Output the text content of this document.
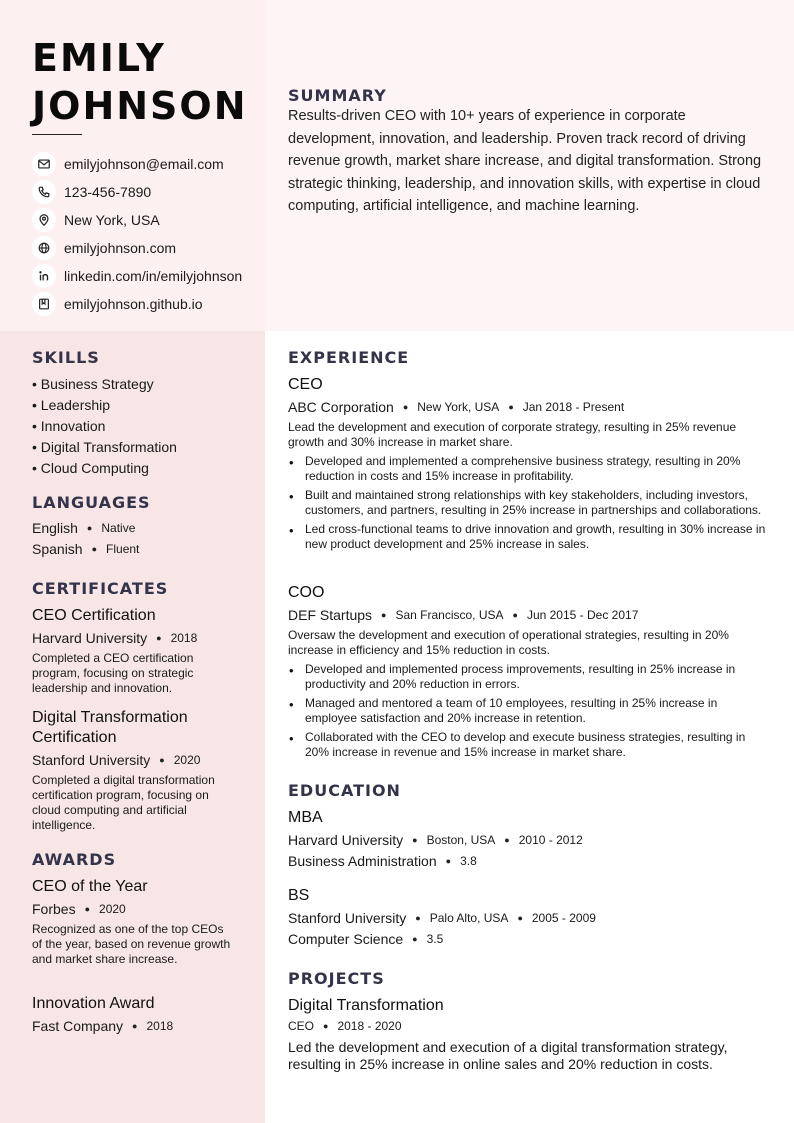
EMILY
JOHNSON
emilyjohnson@email.com
123-456-7890
New York, USA
emilyjohnson.com
linkedin.com/in/emilyjohnson
emilyjohnson.github.io
SUMMARY
Results-driven CEO with 10+ years of experience in corporate development, innovation, and leadership. Proven track record of driving revenue growth, market share increase, and digital transformation. Strong strategic thinking, leadership, and innovation skills, with expertise in cloud computing, artificial intelligence, and machine learning.
SKILLS
• Business Strategy
• Leadership
• Innovation
• Digital Transformation
• Cloud Computing
LANGUAGES
English ● Native
Spanish ● Fluent
CERTIFICATES
CEO Certification
Harvard University ● 2018
Completed a CEO certification program, focusing on strategic leadership and innovation.
Digital Transformation Certification
Stanford University ● 2020
Completed a digital transformation certification program, focusing on cloud computing and artificial intelligence.
AWARDS
CEO of the Year
Forbes ● 2020
Recognized as one of the top CEOs of the year, based on revenue growth and market share increase.
Innovation Award
Fast Company ● 2018
EXPERIENCE
CEO
ABC Corporation ● New York, USA ● Jan 2018 - Present
Lead the development and execution of corporate strategy, resulting in 25% revenue growth and 30% increase in market share.
• Developed and implemented a comprehensive business strategy, resulting in 20% reduction in costs and 15% increase in profitability.
• Built and maintained strong relationships with key stakeholders, including investors, customers, and partners, resulting in 25% increase in partnerships and collaborations.
• Led cross-functional teams to drive innovation and growth, resulting in 30% increase in new product development and 25% increase in sales.
COO
DEF Startups ● San Francisco, USA ● Jun 2015 - Dec 2017
Oversaw the development and execution of operational strategies, resulting in 20% increase in efficiency and 15% reduction in costs.
• Developed and implemented process improvements, resulting in 25% increase in productivity and 20% reduction in errors.
• Managed and mentored a team of 10 employees, resulting in 25% increase in employee satisfaction and 20% increase in retention.
• Collaborated with the CEO to develop and execute business strategies, resulting in 20% increase in revenue and 15% increase in market share.
EDUCATION
MBA
Harvard University ● Boston, USA ● 2010 - 2012
Business Administration ● 3.8
BS
Stanford University ● Palo Alto, USA ● 2005 - 2009
Computer Science ● 3.5
PROJECTS
Digital Transformation
CEO ● 2018 - 2020
Led the development and execution of a digital transformation strategy, resulting in 25% increase in online sales and 20% reduction in costs.
